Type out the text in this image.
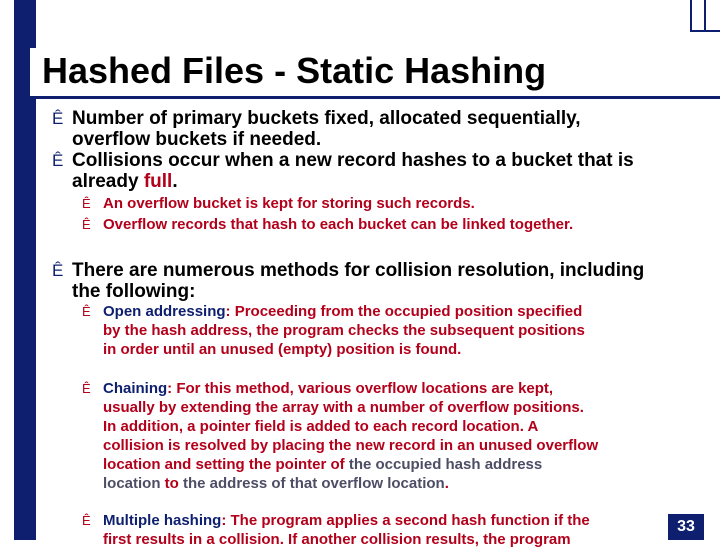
Hashed Files - Static Hashing
Ê Number of primary buckets fixed, allocated sequentially,
overflow buckets if needed.
Ê Collisions occur when a new record hashes to a bucket that is
already full.
Ê An overflow bucket is kept for storing such records.
Ê Overflow records that hash to each bucket can be linked together.
Ê There are numerous methods for collision resolution, including
the following:
Ê Open addressing: Proceeding from the occupied position specified
by the hash address, the program checks the subsequent positions
in order until an unused (empty) position is found.
Ê Chaining: For this method, various overflow locations are kept,
usually by extending the array with a number of overflow positions.
In addition, a pointer field is added to each record location. A
collision is resolved by placing the new record in an unused overflow
location and setting the pointer of the occupied hash address
location to the address of that overflow location.
Ê Multiple hashing: The program applies a second hash function if the
first results in a collision. If another collision results, the program
33
